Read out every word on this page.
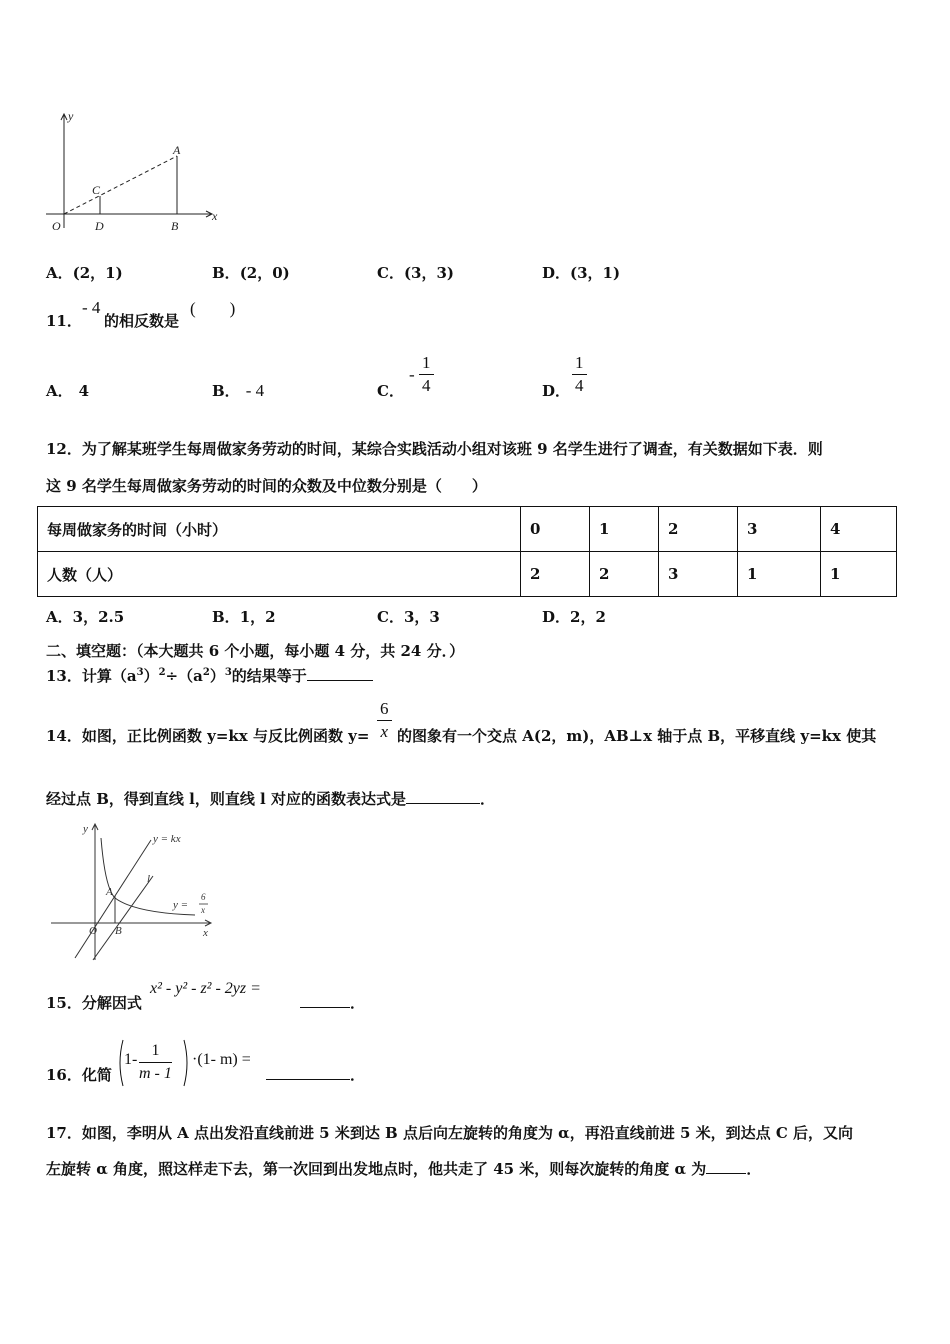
y
x
O
A
B
C
D
A．(2，1)	B．(2，0)	C．(3，3)	D．(3，1)
11．
- 4
的相反数是
(　　)
A． 4	B． - 4	C．
- $\frac{1}{4}$	D． $\frac{1}{4}$
12．为了解某班学生每周做家务劳动的时间，某综合实践活动小组对该班 9 名学生进行了调查，有关数据如下表．则
这 9 名学生每周做家务劳动的时间的众数及中位数分别是（　　）
每周做家务的时间（小时）	0	1	2	3	4
人数（人）	2	2	3	1	1
A．3，2.5	B．1，2	C．3，3	D．2，2
二、填空题：（本大题共 6 个小题，每小题 4 分，共 24 分．）
13．计算$(a^3)^2\div(a^2)^3$的结果等于
14．如图，正比例函数 y=kx 与反比例函数 $y= \frac{6}{x}$ 的图象有一个交点 A(2，m)，AB⊥x 轴于点 B，平移直线 y=kx 使其
经过点 B，得到直线 l，则直线 l 对应的函数表达式是	．
y
x
O
A
B
l
y = kx
y =
6
x
15．分解因式
x² - y² - z² - 2yz =
．
16．化简
$1- \frac{1}{m - 1} \cdot(1-$ m) =
．
17．如图，李明从 A 点出发沿直线前进 5 米到达 B 点后向左旋转的角度为 α，再沿直线前进 5 米，到达点 C 后，又向
左旋转 α 角度，照这样走下去，第一次回到出发地点时，他共走了 45 米，则每次旋转的角度 α 为	．
